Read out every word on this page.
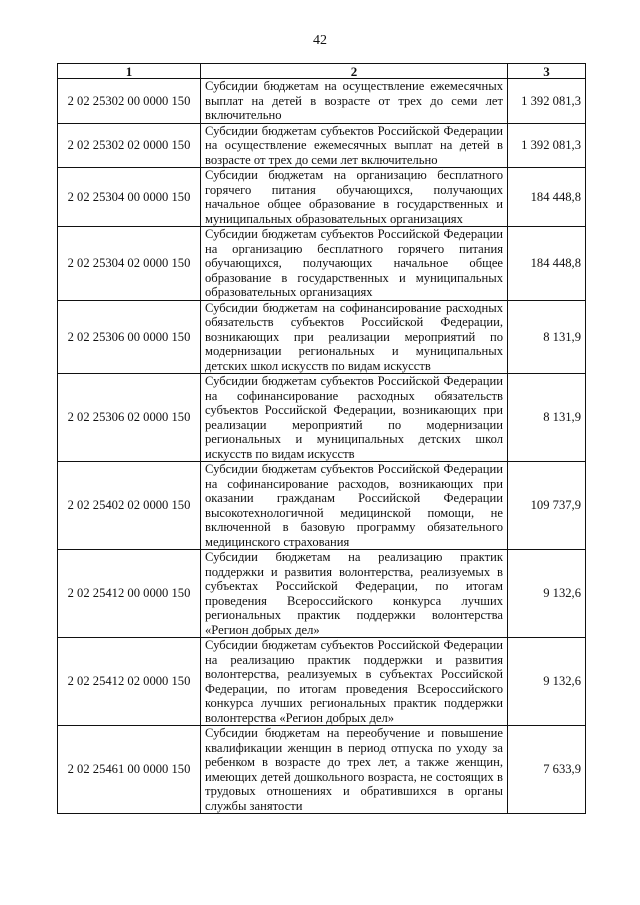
42
1	2	3
2 02 25302 00 0000 150	Субсидии бюджетам на осуществление ежемесячных выплат на детей в возрасте от трех до семи лет включительно	1 392 081,3
2 02 25302 02 0000 150	Субсидии бюджетам субъектов Российской Федерации на осуществление ежемесячных выплат на детей в возрасте от трех до семи лет включительно	1 392 081,3
2 02 25304 00 0000 150	Субсидии бюджетам на организацию бесплатного горячего питания обучающихся, получающих начальное общее образование в государственных и муниципальных образовательных организациях	184 448,8
2 02 25304 02 0000 150	Субсидии бюджетам субъектов Российской Федерации на организацию бесплатного горячего питания обучающихся, получающих начальное общее образование в государственных и муниципальных образовательных организациях	184 448,8
2 02 25306 00 0000 150	Субсидии бюджетам на софинансирование расходных обязательств субъектов Российской Федерации, возникающих при реализации мероприятий по модернизации региональных и муниципальных детских школ искусств по видам искусств	8 131,9
2 02 25306 02 0000 150	Субсидии бюджетам субъектов Российской Федерации на софинансирование расходных обязательств субъектов Российской Федерации, возникающих при реализации мероприятий по модернизации региональных и муниципальных детских школ искусств по видам искусств	8 131,9
2 02 25402 02 0000 150	Субсидии бюджетам субъектов Российской Федерации на софинансирование расходов, возникающих при оказании гражданам Российской Федерации высокотехнологичной медицинской помощи, не включенной в базовую программу обязательного медицинского страхования	109 737,9
2 02 25412 00 0000 150	Субсидии бюджетам на реализацию практик поддержки и развития волонтерства, реализуемых в субъектах Российской Федерации, по итогам проведения Всероссийского конкурса лучших региональных практик поддержки волонтерства «Регион добрых дел»	9 132,6
2 02 25412 02 0000 150	Субсидии бюджетам субъектов Российской Федерации на реализацию практик поддержки и развития волонтерства, реализуемых в субъектах Российской Федерации, по итогам проведения Всероссийского конкурса лучших региональных практик поддержки волонтерства «Регион добрых дел»	9 132,6
2 02 25461 00 0000 150	Субсидии бюджетам на переобучение и повышение квалификации женщин в период отпуска по уходу за ребенком в возрасте до трех лет, а также женщин, имеющих детей дошкольного возраста, не состоящих в трудовых отношениях и обратившихся в органы службы занятости	7 633,9
